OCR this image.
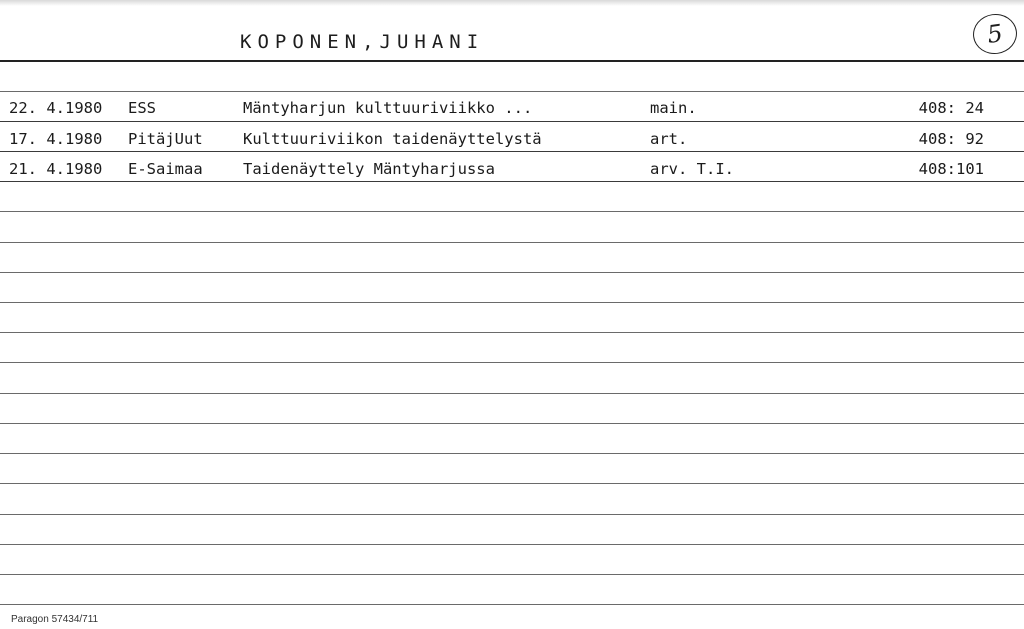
KOPONEN,JUHANI	5
22. 4.1980 ESS	Mäntyharjun kulttuuriviikko ...	main.	408: 24
17. 4.1980 PitäjUut	Kulttuuriviikon taidenäyttelystä	art.	408: 92
21. 4.1980 E-Saimaa	Taidenäyttely Mäntyharjussa	arv. T.I.	408:101
Paragon 57434/711
